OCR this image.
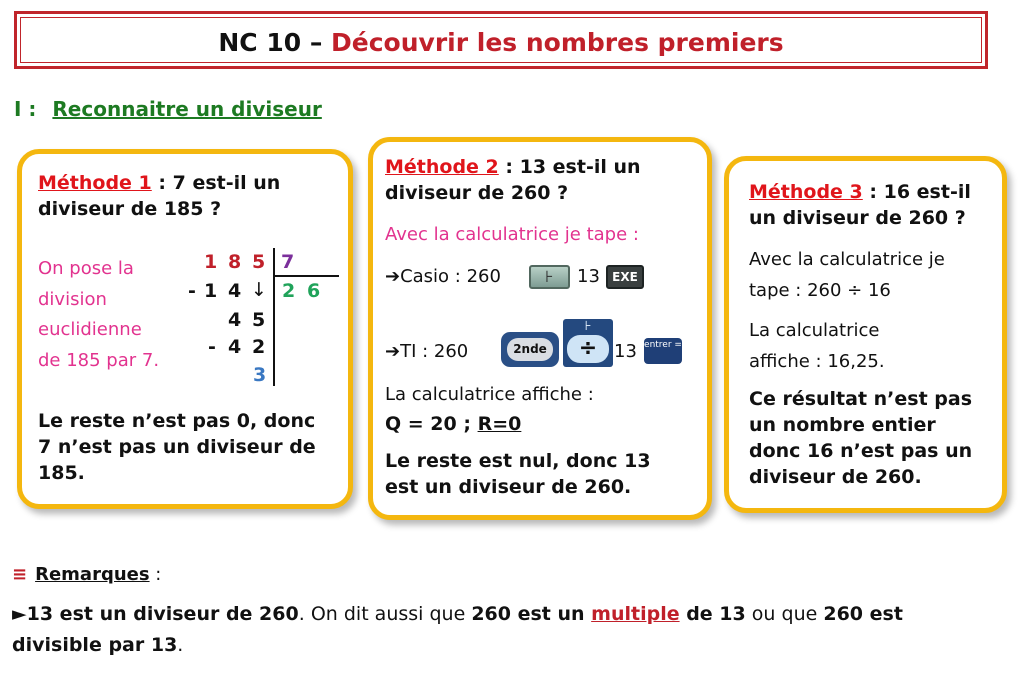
NC 10 – Découvrir les nombres premiers
I : Reconnaitre un diviseur
Méthode 1 : 7 est-il un
diviseur de 185 ?
On pose la
division
euclidienne
de 185 par 7.
1 8 5 7
- 1 4 ↓ 2 6
4 5
- 4 2
3
Le reste n’est pas 0, donc
7 n’est pas un diviseur de
185.
Méthode 2 : 13 est-il un
diviseur de 260 ?
Avec la calculatrice je tape :
➔Casio : 260	⊦ 13	EXE
➔TI : 260	2nde
⊦
÷ 13 entrer =
La calculatrice affiche :
Q = 20 ; R=0
Le reste est nul, donc 13
est un diviseur de 260.
Méthode 3 : 16 est-il
un diviseur de 260 ?
Avec la calculatrice je
tape : 260 ÷ 16
La calculatrice
affiche : 16,25.
Ce résultat n’est pas
un nombre entier
donc 16 n’est pas un
diviseur de 260.
≡ Remarques :
►13 est un diviseur de 260. On dit aussi que 260 est un multiple de 13 ou que 260 est
divisible par 13.
